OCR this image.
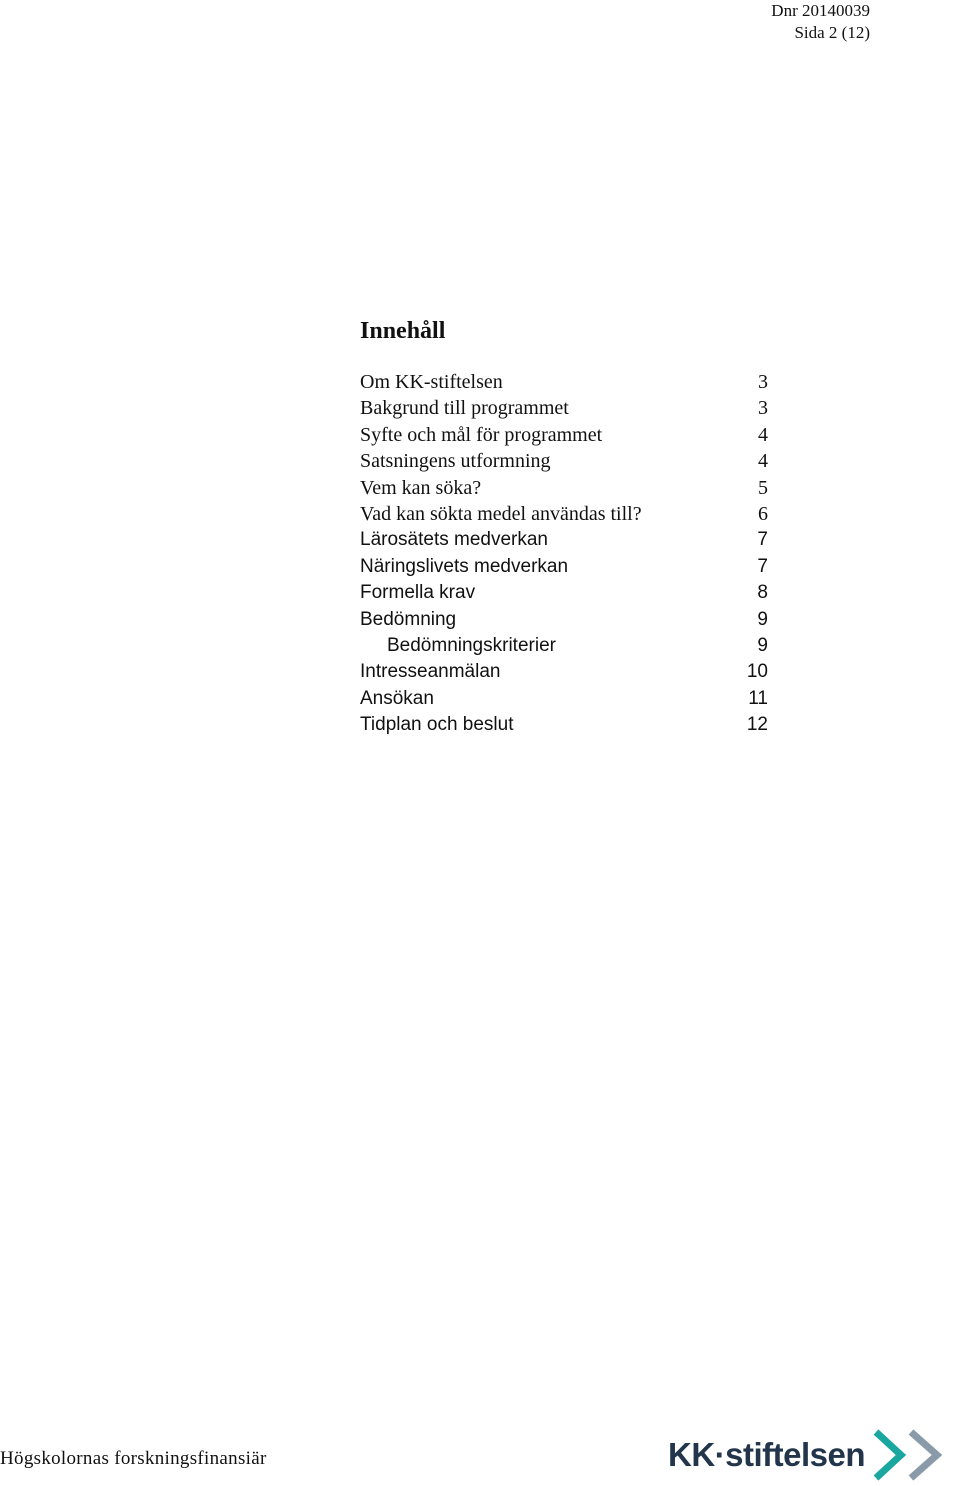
Dnr 20140039
Sida 2 (12)
Innehåll
Om KK-stiftelsen	3
Bakgrund till programmet	3
Syfte och mål för programmet	4
Satsningens utformning	4
Vem kan söka?	5
Vad kan sökta medel användas till?	6
Lärosätets medverkan	7
Näringslivets medverkan	7
Formella krav	8
Bedömning	9
Bedömningskriterier	9
Intresseanmälan	10
Ansökan	11
Tidplan och beslut	12
Högskolornas forskningsfinansiär	KK·stiftelsen
